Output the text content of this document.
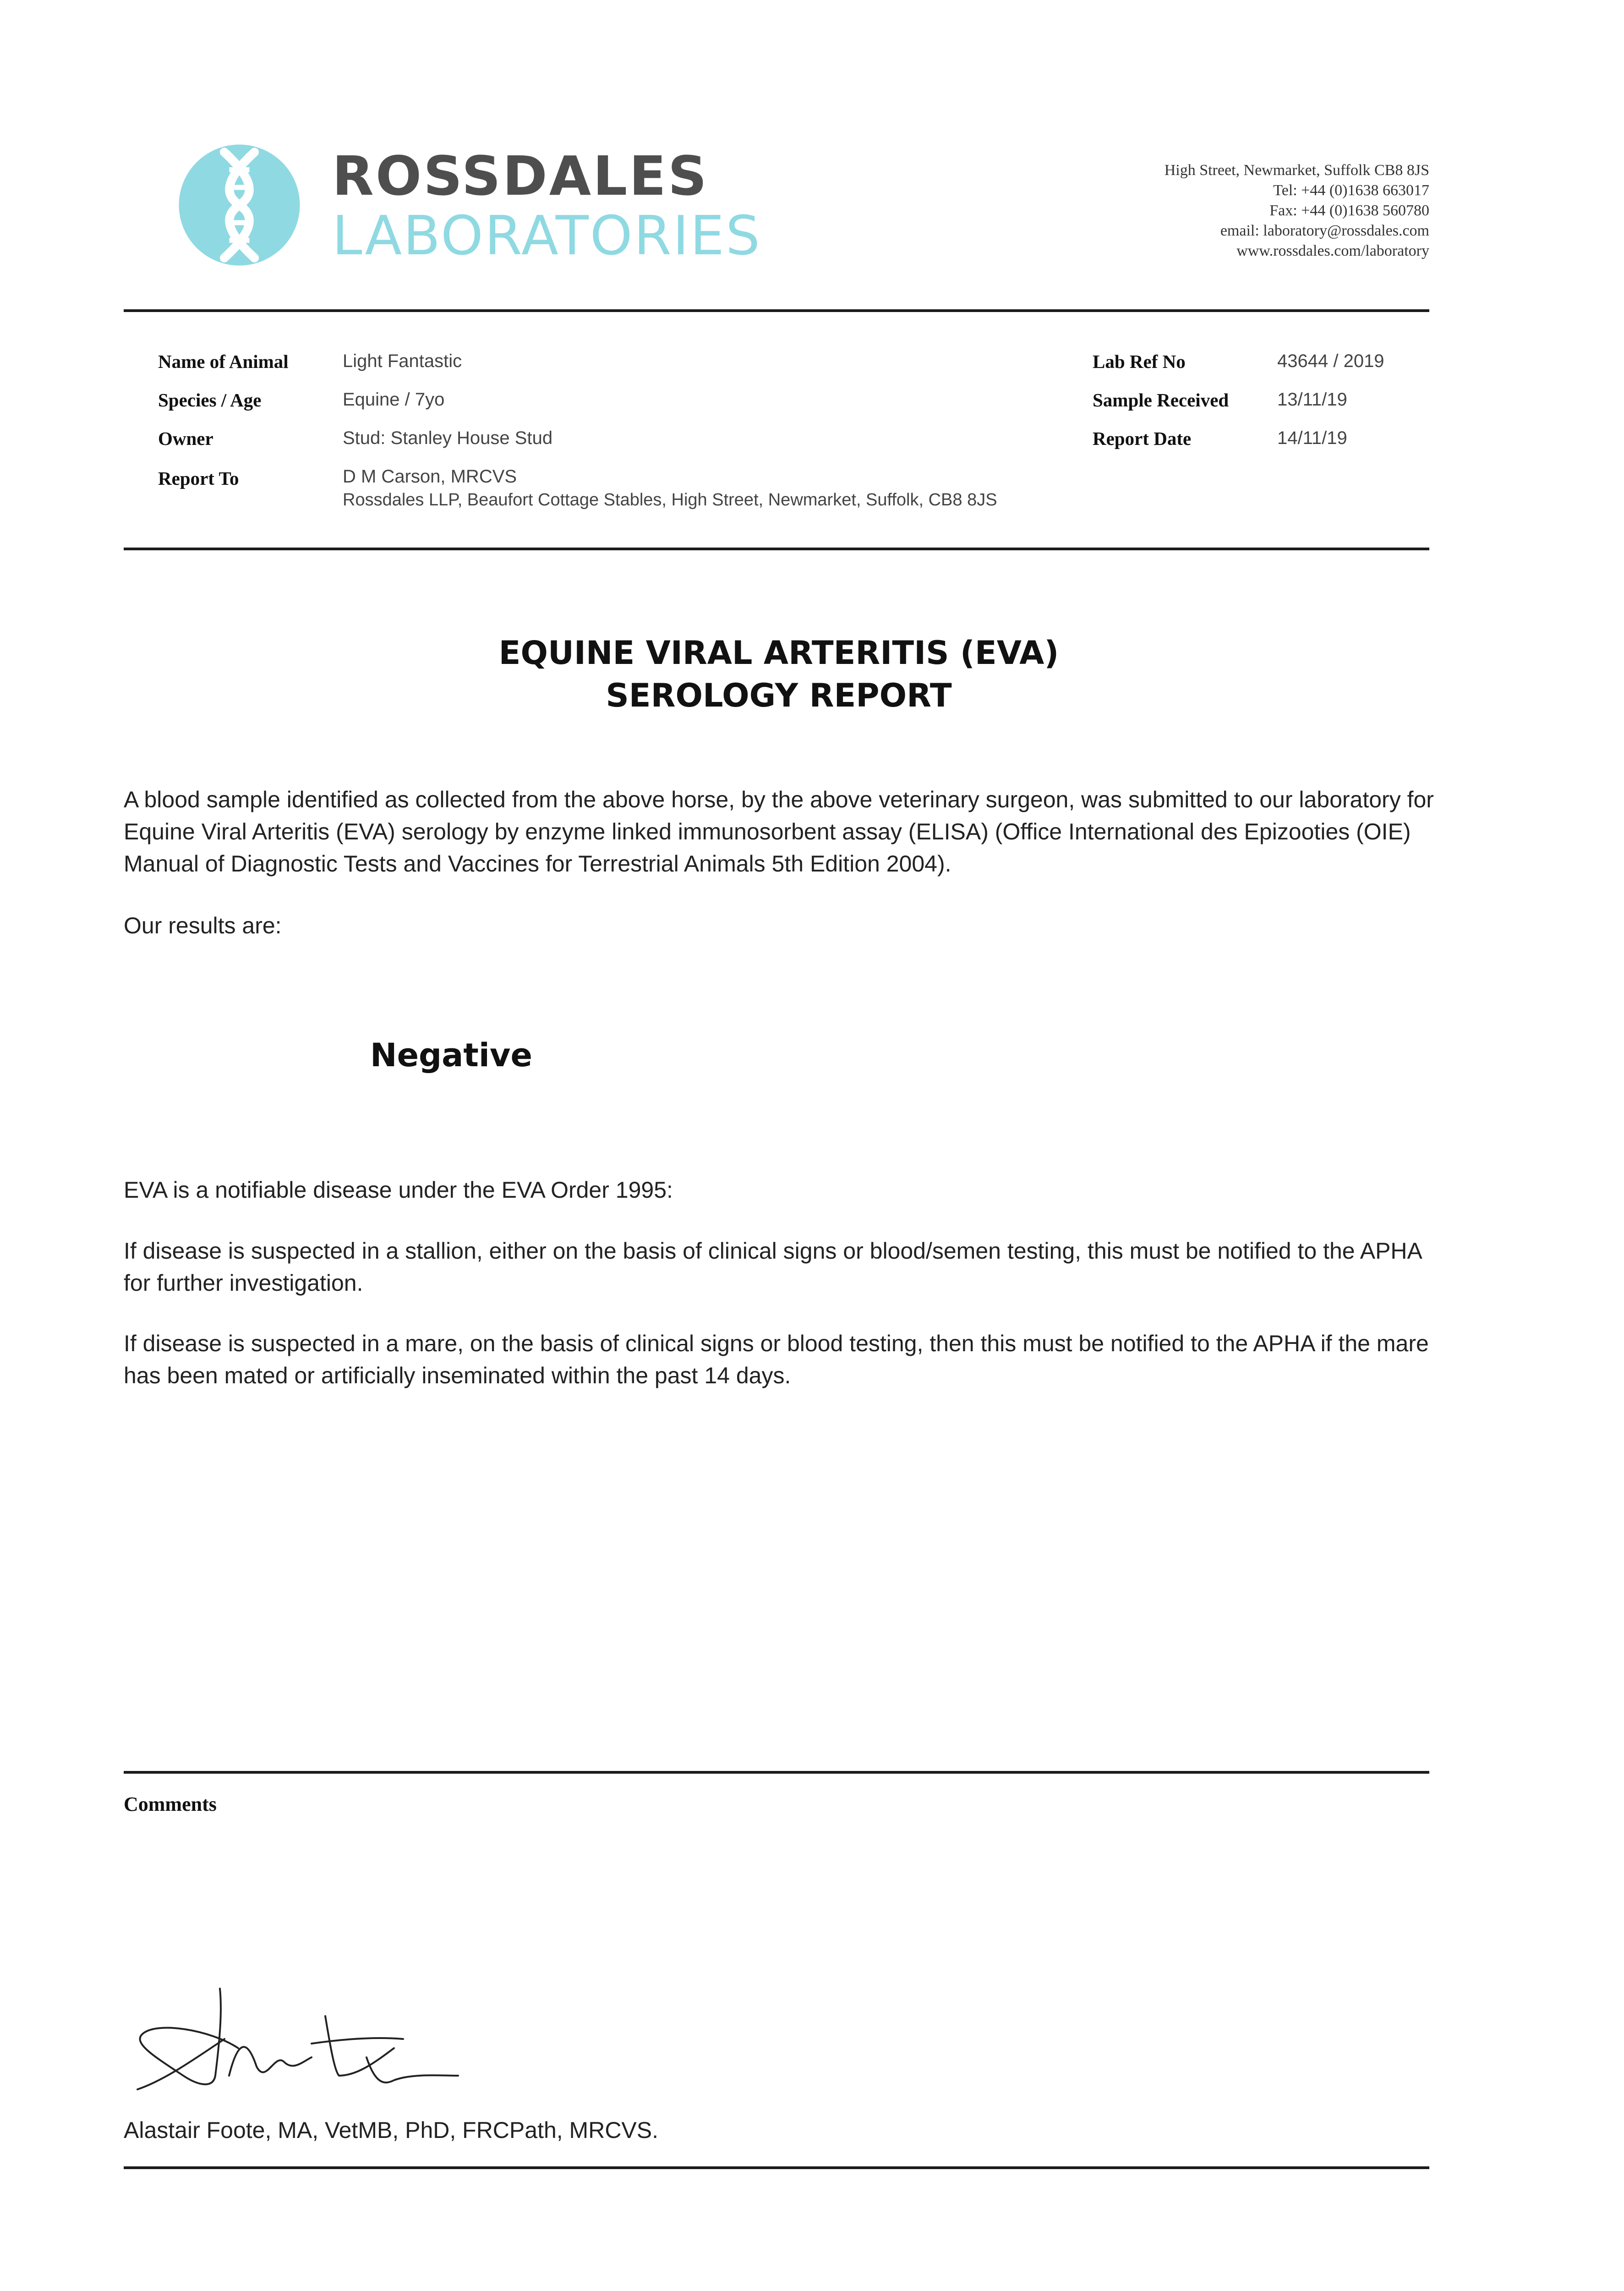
ROSSDALES
LABORATORIES
High Street, Newmarket, Suffolk CB8 8JS
Tel: +44 (0)1638 663017
Fax: +44 (0)1638 560780
email: laboratory@rossdales.com
www.rossdales.com/laboratory
Name of Animal	Light Fantastic
Species / Age	Equine / 7yo
Owner	Stud: Stanley House Stud
Report To	D M Carson, MRCVS
Rossdales LLP, Beaufort Cottage Stables, High Street, Newmarket, Suffolk, CB8 8JS
Lab Ref No	43644 / 2019
Sample Received	13/11/19
Report Date	14/11/19
EQUINE VIRAL ARTERITIS (EVA)
SEROLOGY REPORT
A blood sample identified as collected from the above horse, by the above veterinary surgeon, was submitted to our laboratory for Equine Viral Arteritis (EVA) serology by enzyme linked immunosorbent assay (ELISA) (Office International des Epizooties (OIE) Manual of Diagnostic Tests and Vaccines for Terrestrial Animals 5th Edition 2004).
Our results are:
Negative
EVA is a notifiable disease under the EVA Order 1995:
If disease is suspected in a stallion, either on the basis of clinical signs or blood/semen testing, this must be notified to the APHA for further investigation.
If disease is suspected in a mare, on the basis of clinical signs or blood testing, then this must be notified to the APHA if the mare has been mated or artificially inseminated within the past 14 days.
Comments
Alastair Foote, MA, VetMB, PhD, FRCPath, MRCVS.
